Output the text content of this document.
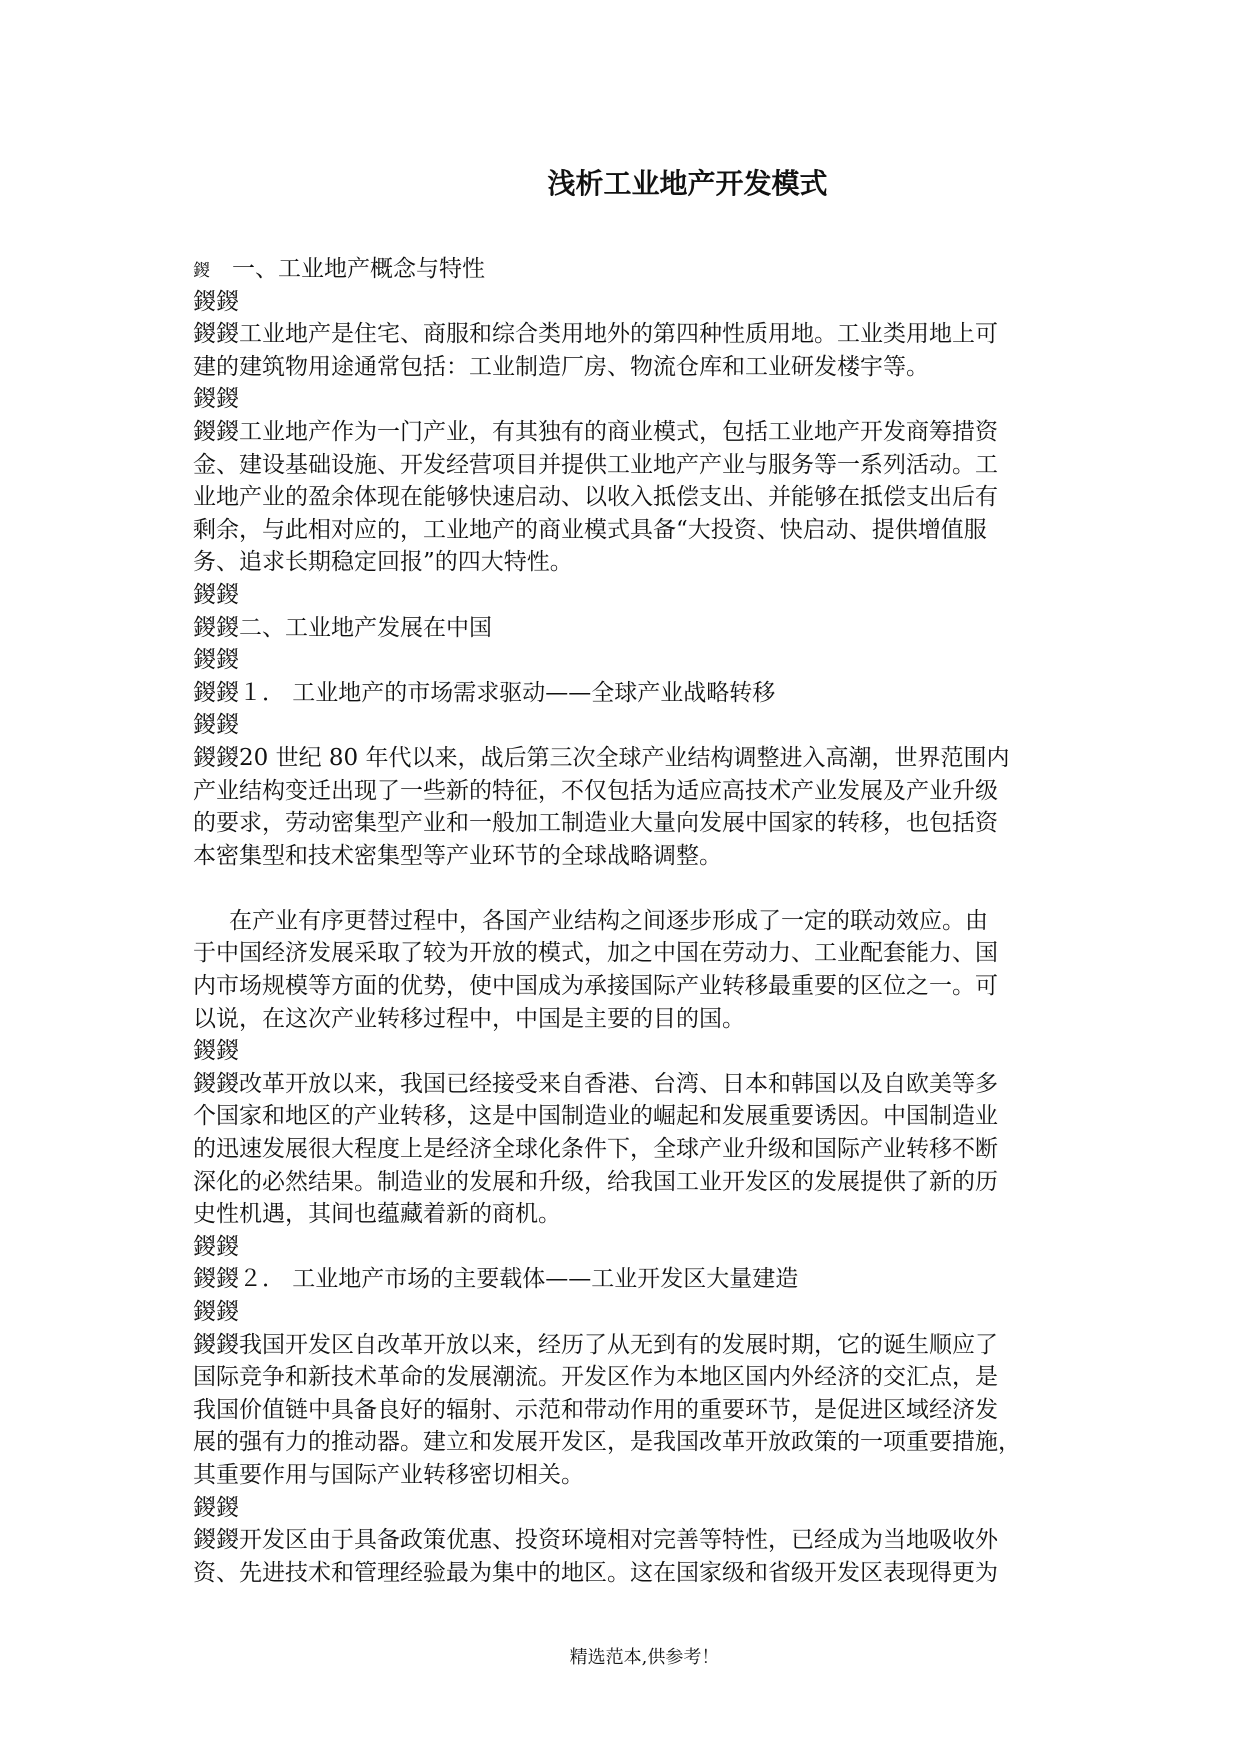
浅析工业地产开发模式
鍐 一、工业地产概念与特性
鍐鍐
鍐鍐工业地产是住宅、商服和综合类用地外的第四种性质用地。工业类用地上可
建的建筑物用途通常包括：工业制造厂房、物流仓库和工业研发楼宇等。
鍐鍐
鍐鍐工业地产作为一门产业，有其独有的商业模式，包括工业地产开发商筹措资
金、建设基础设施、开发经营项目并提供工业地产产业与服务等一系列活动。工
业地产业的盈余体现在能够快速启动、以收入抵偿支出、并能够在抵偿支出后有
剩余，与此相对应的，工业地产的商业模式具备“大投资、快启动、提供增值服
务、追求长期稳定回报”的四大特性。
鍐鍐
鍐鍐二、工业地产发展在中国
鍐鍐
鍐鍐１． 工业地产的市场需求驱动——全球产业战略转移
鍐鍐
鍐鍐20 世纪 80 年代以来，战后第三次全球产业结构调整进入高潮，世界范围内
产业结构变迁出现了一些新的特征，不仅包括为适应高技术产业发展及产业升级
的要求，劳动密集型产业和一般加工制造业大量向发展中国家的转移，也包括资
本密集型和技术密集型等产业环节的全球战略调整。
在产业有序更替过程中，各国产业结构之间逐步形成了一定的联动效应。由
于中国经济发展采取了较为开放的模式，加之中国在劳动力、工业配套能力、国
内市场规模等方面的优势，使中国成为承接国际产业转移最重要的区位之一。可
以说，在这次产业转移过程中，中国是主要的目的国。
鍐鍐
鍐鍐改革开放以来，我国已经接受来自香港、台湾、日本和韩国以及自欧美等多
个国家和地区的产业转移，这是中国制造业的崛起和发展重要诱因。中国制造业
的迅速发展很大程度上是经济全球化条件下，全球产业升级和国际产业转移不断
深化的必然结果。制造业的发展和升级，给我国工业开发区的发展提供了新的历
史性机遇，其间也蕴藏着新的商机。
鍐鍐
鍐鍐２． 工业地产市场的主要载体——工业开发区大量建造
鍐鍐
鍐鍐我国开发区自改革开放以来，经历了从无到有的发展时期，它的诞生顺应了
国际竞争和新技术革命的发展潮流。开发区作为本地区国内外经济的交汇点，是
我国价值链中具备良好的辐射、示范和带动作用的重要环节，是促进区域经济发
展的强有力的推动器。建立和发展开发区，是我国改革开放政策的一项重要措施，
其重要作用与国际产业转移密切相关。
鍐鍐
鍐鍐开发区由于具备政策优惠、投资环境相对完善等特性，已经成为当地吸收外
资、先进技术和管理经验最为集中的地区。这在国家级和省级开发区表现得更为
精选范本,供参考！
